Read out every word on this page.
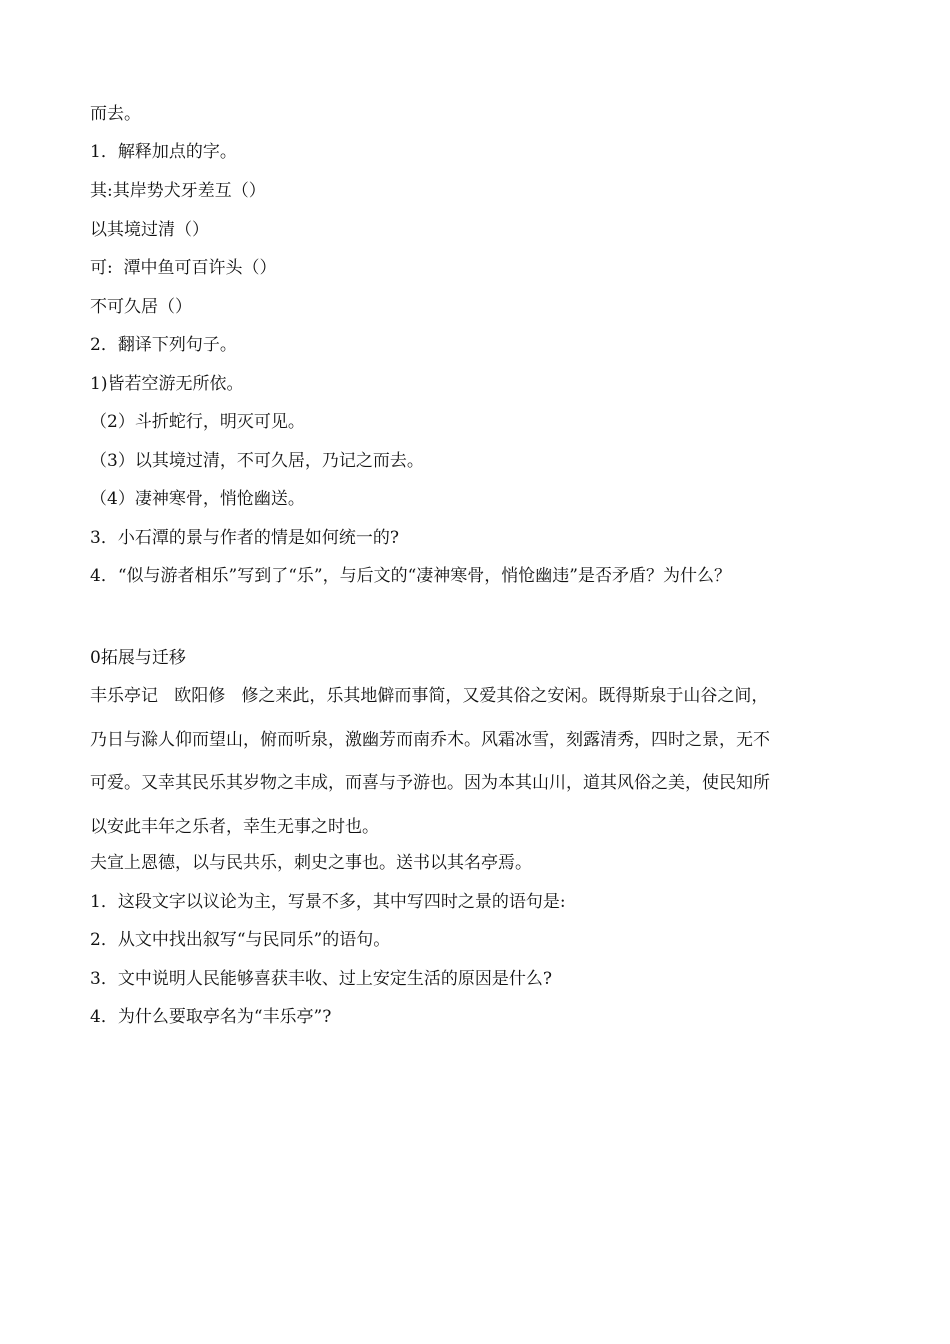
而去。
1．解释加点的字。
其:其岸势犬牙差互（）
以其境过清（）
可:  潭中鱼可百许头（）
不可久居（）
2．翻译下列句子。
1)皆若空游无所依。
（2）斗折蛇行，明灭可见。
（3）以其境过清，不可久居，乃记之而去。
（4）凄神寒骨，悄怆幽送。
3．小石潭的景与作者的情是如何统一的?
4．“似与游者相乐”写到了“乐”，与后文的“凄神寒骨，悄怆幽违”是否矛盾？为什么？
0拓展与迁移
丰乐亭记   欧阳修   修之来此，乐其地僻而事简，又爱其俗之安闲。既得斯泉于山谷之间，
乃日与滁人仰而望山，俯而听泉，激幽芳而南乔木。风霜冰雪，刻露清秀，四时之景，无不
可爱。又幸其民乐其岁物之丰成，而喜与予游也。因为本其山川，道其风俗之美，使民知所
以安此丰年之乐者，幸生无事之时也。
夫宣上恩德，以与民共乐，刺史之事也。送书以其名亭焉。
1．这段文字以议论为主，写景不多，其中写四时之景的语句是:
2．从文中找出叙写“与民同乐”的语句。
3．文中说明人民能够喜获丰收、过上安定生活的原因是什么?
4．为什么要取亭名为“丰乐亭”?
